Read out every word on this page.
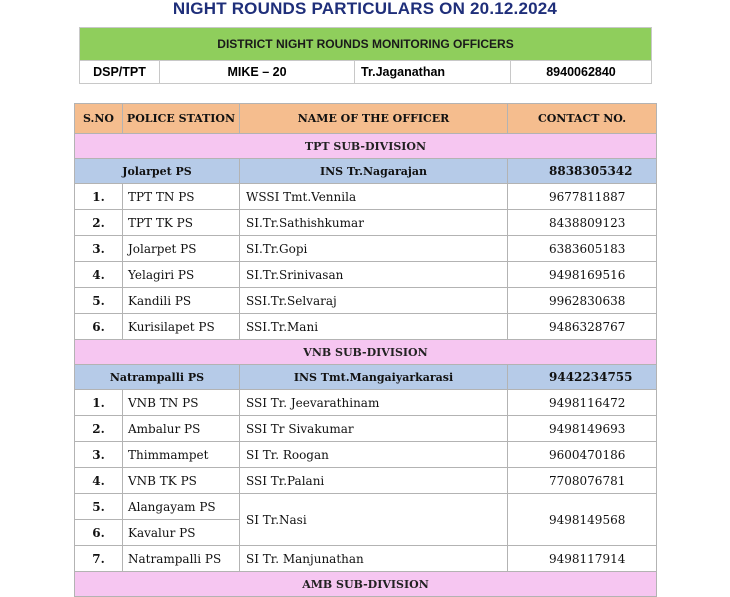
NIGHT ROUNDS PARTICULARS ON 20.12.2024
DISTRICT NIGHT ROUNDS MONITORING OFFICERS
DSP/TPT	MIKE – 20	Tr.Jaganathan	8940062840
S.NO	POLICE STATION	NAME OF THE OFFICER	CONTACT NO.
TPT SUB-DIVISION			
Jolarpet PS		INS Tr.Nagarajan	8838305342
1.	TPT TN PS	WSSI Tmt.Vennila	9677811887
2.	TPT TK PS	SI.Tr.Sathishkumar	8438809123
3.	Jolarpet PS	SI.Tr.Gopi	6383605183
4.	Yelagiri PS	SI.Tr.Srinivasan	9498169516
5.	Kandili PS	SSI.Tr.Selvaraj	9962830638
6.	Kurisilapet PS	SSI.Tr.Mani	9486328767
VNB SUB-DIVISION			
Natrampalli PS		INS Tmt.Mangaiyarkarasi	9442234755
1.	VNB TN PS	SSI Tr. Jeevarathinam	9498116472
2.	Ambalur PS	SSI Tr Sivakumar	9498149693
3.	Thimmampet	SI Tr. Roogan	9600470186
4.	VNB TK PS	SSI Tr.Palani	7708076781
5.	Alangayam PS	SI Tr.Nasi	9498149568
6.	Kavalur PS		
7.	Natrampalli PS	SI Tr. Manjunathan	9498117914
AMB SUB-DIVISION			
